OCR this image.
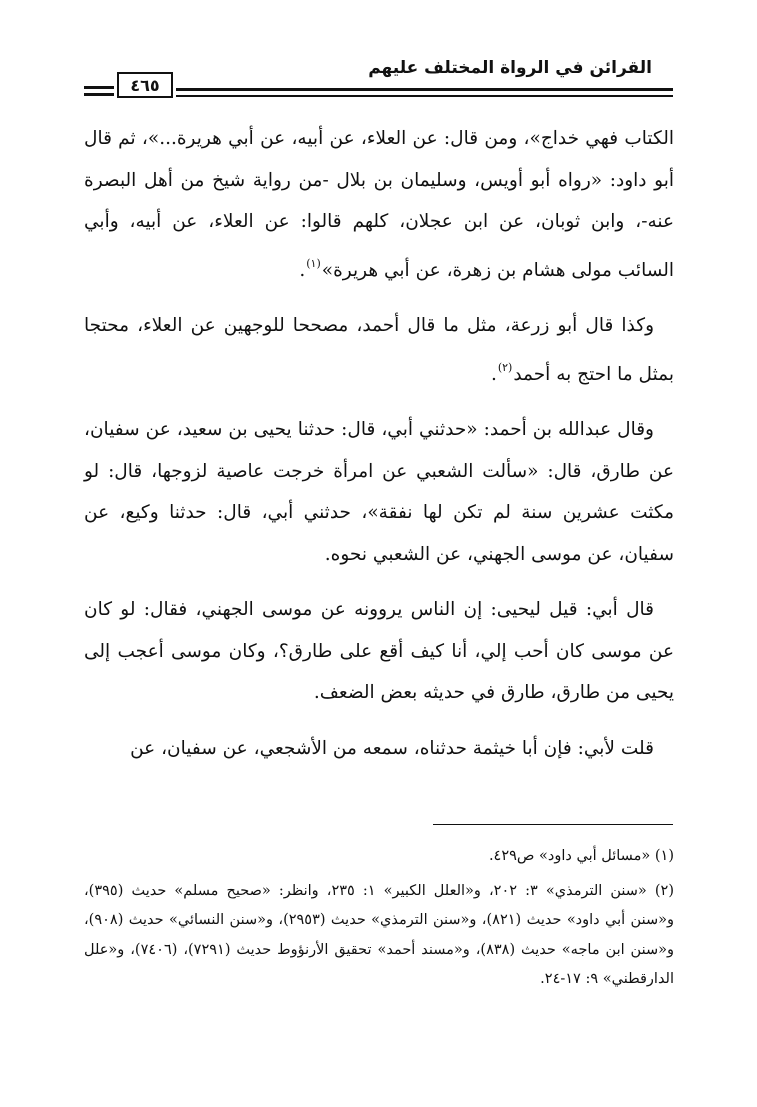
القرائن في الرواة المختلف عليهم
٤٦٥

الكتاب فهي خداج»، ومن قال: عن العلاء، عن أبيه، عن أبي هريرة...»، ثم قال أبو داود: «رواه أبو أويس، وسليمان بن بلال -من رواية شيخ من أهل البصرة عنه-، وابن ثوبان، عن ابن عجلان، كلهم قالوا: عن العلاء، عن أبيه، وأبي السائب مولى هشام بن زهرة، عن أبي هريرة»$^{(١)}$.

وكذا قال أبو زرعة، مثل ما قال أحمد، مصححا للوجهين عن العلاء، محتجا بمثل ما احتج به أحمد$^{(٢)}$.

وقال عبدالله بن أحمد: «حدثني أبي، قال: حدثنا يحيى بن سعيد، عن سفيان، عن طارق، قال: «سألت الشعبي عن امرأة خرجت عاصية لزوجها، قال: لو مكثت عشرين سنة لم تكن لها نفقة»، حدثني أبي، قال: حدثنا وكيع، عن سفيان، عن موسى الجهني، عن الشعبي نحوه.

قال أبي: قيل ليحيى: إن الناس يروونه عن موسى الجهني، فقال: لو كان عن موسى كان أحب إلي، أنا كيف أقع على طارق؟، وكان موسى أعجب إلى يحيى من طارق، طارق في حديثه بعض الضعف.

قلت لأبي: فإن أبا خيثمة حدثناه، سمعه من الأشجعي، عن سفيان، عن

(١) «مسائل أبي داود» ص٤٢٩.

(٢) «سنن الترمذي» ٣: ٢٠٢، و«العلل الكبير» ١: ٢٣٥، وانظر: «صحيح مسلم» حديث (٣٩٥)، و«سنن أبي داود» حديث (٨٢١)، و«سنن الترمذي» حديث (٢٩٥٣)، و«سنن النسائي» حديث (٩٠٨)، و«سنن ابن ماجه» حديث (٨٣٨)، و«مسند أحمد» تحقيق الأرنؤوط حديث (٧٢٩١)، (٧٤٠٦)، و«علل الدارقطني» ٩: ١٧-٢٤.
